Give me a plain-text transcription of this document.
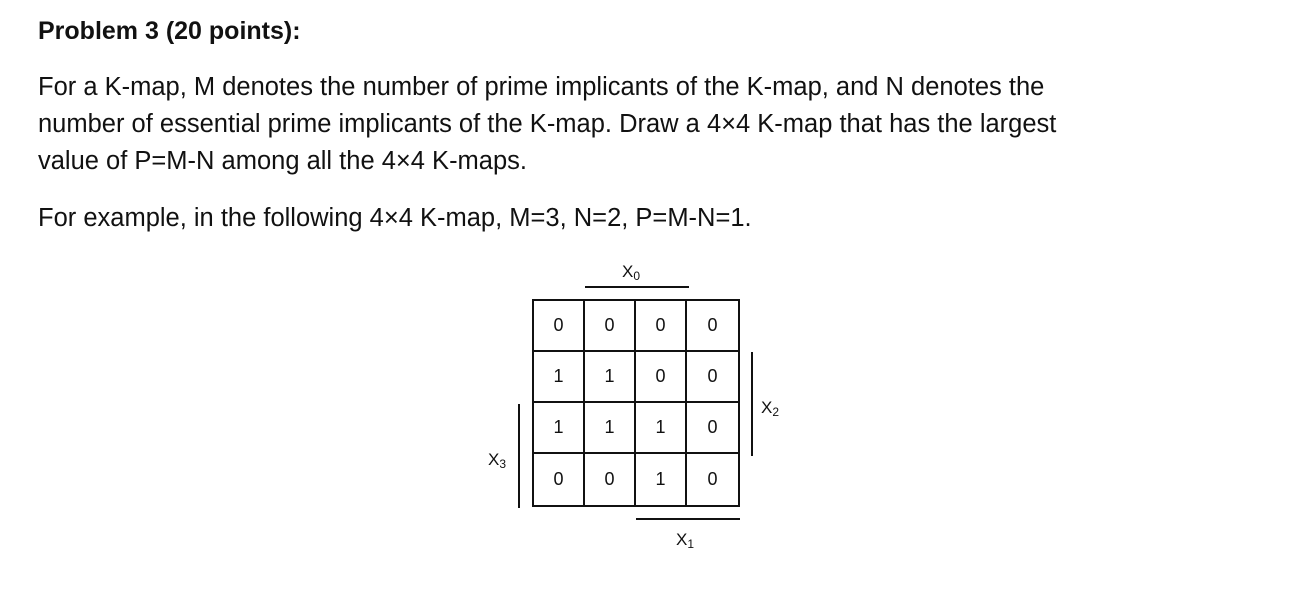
Problem 3 (20 points):
For a K-map, M denotes the number of prime implicants of the K-map, and N denotes the
number of essential prime implicants of the K-map. Draw a 4×4 K-map that has the largest
value of P=M-N among all the 4×4 K-maps.
For example, in the following 4×4 K-map, M=3, N=2, P=M-N=1.
$X_0$
$X_2$
$X_3$
$X_1$
0	0	0	0
1	1	0	0
1	1	1	0
0	0	1	0
